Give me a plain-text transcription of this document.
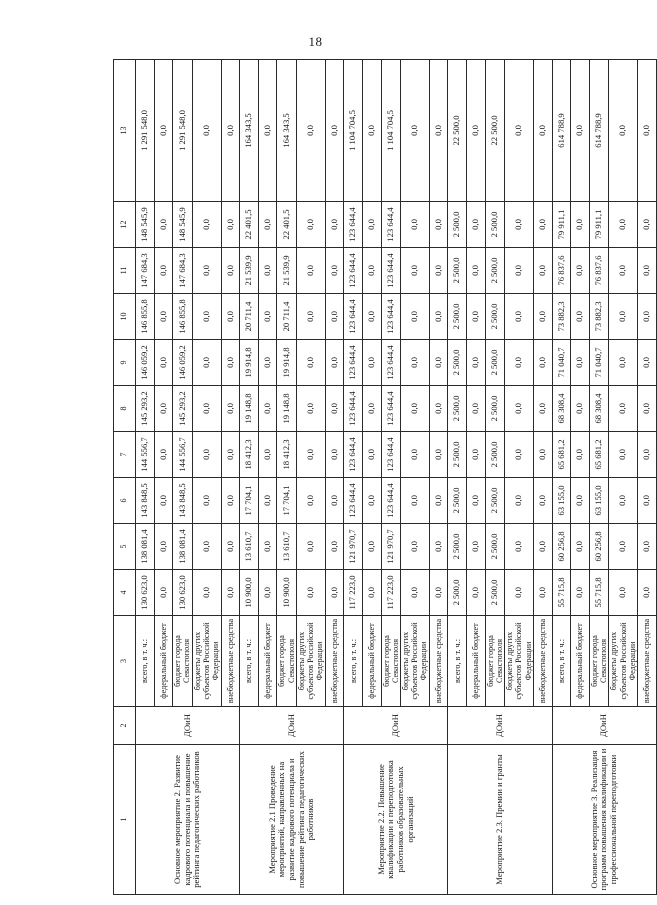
18
1	2	3	4	5	6	7	8	9	10	11	12	13
Основное мероприятие 2. Развитие кадрового потенциала и повышение рейтинга педагогических работников	ДОиН	всего, в т. ч.:	130 623,0	138 081,4	143 848,5	144 556,7	145 293,2	146 059,2	146 855,8	147 684,3	148 545,9	1 291 548,0
		федеральный бюджет	0,0	0,0	0,0	0,0	0,0	0,0	0,0	0,0	0,0	0,0
		бюджет города Севастополя	130 623,0	138 081,4	143 848,5	144 556,7	145 293,2	146 059,2	146 855,8	147 684,3	148 545,9	1 291 548,0
		бюджеты других субъектов Российской Федерации	0,0	0,0	0,0	0,0	0,0	0,0	0,0	0,0	0,0	0,0
		внебюджетные средства	0,0	0,0	0,0	0,0	0,0	0,0	0,0	0,0	0,0	0,0
Мероприятие 2.1 Проведение мероприятий, направленных на развитие кадрового потенциала и повышение рейтинга педагогических работников	ДОиН	всего, в т. ч.:	10 900,0	13 610,7	17 704,1	18 412,3	19 148,8	19 914,8	20 711,4	21 539,9	22 401,5	164 343,5
		федеральный бюджет	0,0	0,0	0,0	0,0	0,0	0,0	0,0	0,0	0,0	0,0
		бюджет города Севастополя	10 900,0	13 610,7	17 704,1	18 412,3	19 148,8	19 914,8	20 711,4	21 539,9	22 401,5	164 343,5
		бюджеты других субъектов Российской Федерации	0,0	0,0	0,0	0,0	0,0	0,0	0,0	0,0	0,0	0,0
		внебюджетные средства	0,0	0,0	0,0	0,0	0,0	0,0	0,0	0,0	0,0	0,0
Мероприятие 2.2. Повышение квалификации и переподготовка работников образовательных организаций	ДОиН	всего, в т. ч.:	117 223,0	121 970,7	123 644,4	123 644,4	123 644,4	123 644,4	123 644,4	123 644,4	123 644,4	1 104 704,5
		федеральный бюджет	0,0	0,0	0,0	0,0	0,0	0,0	0,0	0,0	0,0	0,0
		бюджет города Севастополя	117 223,0	121 970,7	123 644,4	123 644,4	123 644,4	123 644,4	123 644,4	123 644,4	123 644,4	1 104 704,5
		бюджеты других субъектов Российской Федерации	0,0	0,0	0,0	0,0	0,0	0,0	0,0	0,0	0,0	0,0
		внебюджетные средства	0,0	0,0	0,0	0,0	0,0	0,0	0,0	0,0	0,0	0,0
Мероприятие 2.3. Премии и гранты	ДОиН	всего, в т. ч.:	2 500,0	2 500,0	2 500,0	2 500,0	2 500,0	2 500,0	2 500,0	2 500,0	2 500,0	22 500,0
		федеральный бюджет	0,0	0,0	0,0	0,0	0,0	0,0	0,0	0,0	0,0	0,0
		бюджет города Севастополя	2 500,0	2 500,0	2 500,0	2 500,0	2 500,0	2 500,0	2 500,0	2 500,0	2 500,0	22 500,0
		бюджеты других субъектов Российской Федерации	0,0	0,0	0,0	0,0	0,0	0,0	0,0	0,0	0,0	0,0
		внебюджетные средства	0,0	0,0	0,0	0,0	0,0	0,0	0,0	0,0	0,0	0,0
Основное мероприятие 3. Реализация программ повышения квалификации и профессиональной переподготовки	ДОиН	всего, в т. ч.:	55 715,8	60 256,8	63 155,0	65 681,2	68 308,4	71 040,7	73 882,3	76 837,6	79 911,1	614 788,9
		федеральный бюджет	0,0	0,0	0,0	0,0	0,0	0,0	0,0	0,0	0,0	0,0
		бюджет города Севастополя	55 715,8	60 256,8	63 155,0	65 681,2	68 308,4	71 040,7	73 882,3	76 837,6	79 911,1	614 788,9
		бюджеты других субъектов Российской Федерации	0,0	0,0	0,0	0,0	0,0	0,0	0,0	0,0	0,0	0,0
		внебюджетные средства	0,0	0,0	0,0	0,0	0,0	0,0	0,0	0,0	0,0	0,0
